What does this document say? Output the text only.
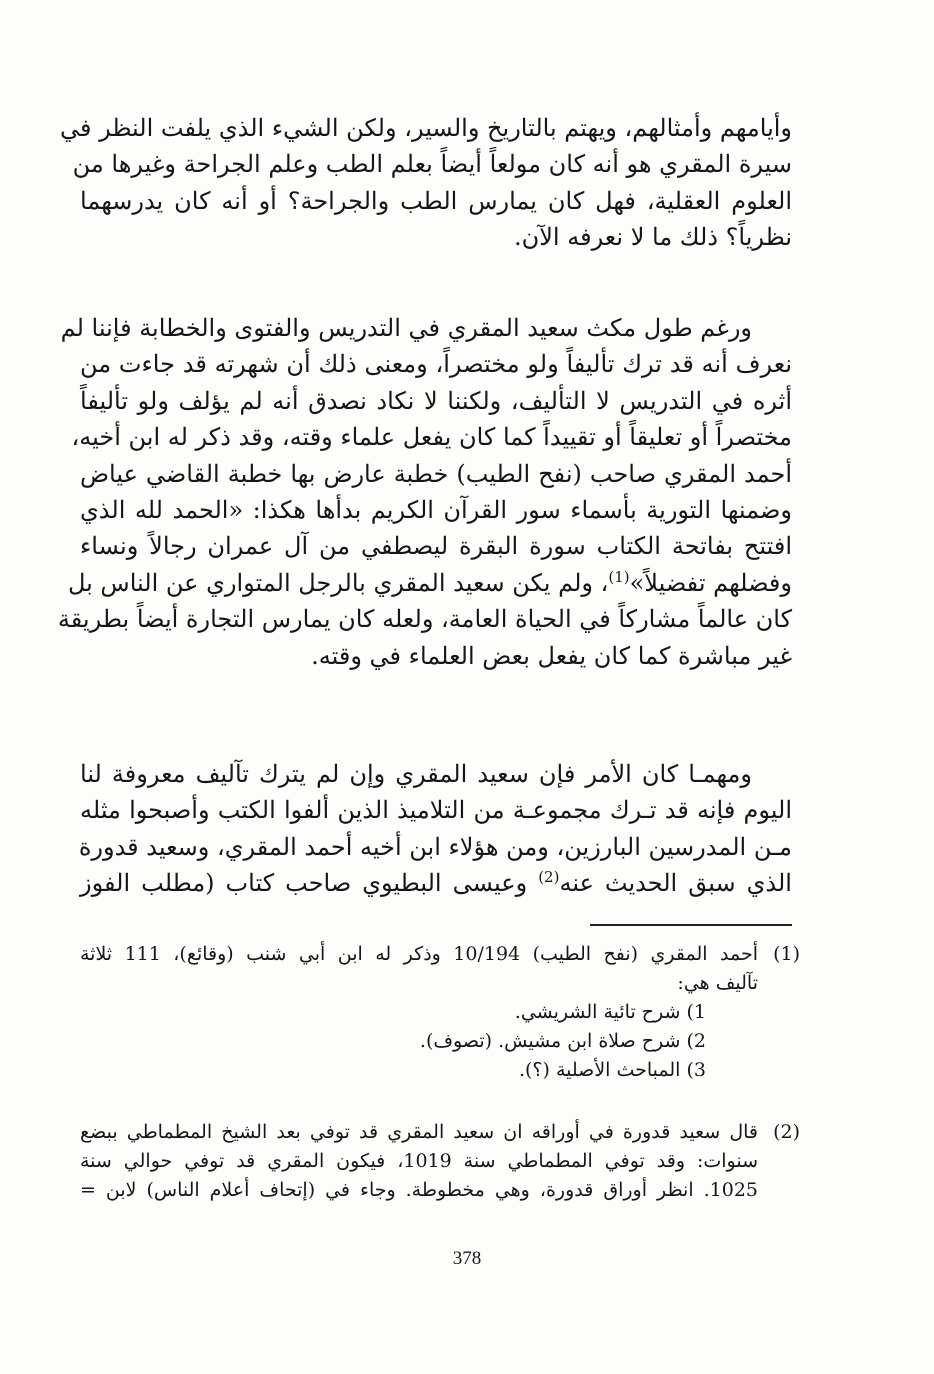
وأيامهم وأمثالهم، ويهتم بالتاريخ والسير، ولكن الشيء الذي يلفت النظر في
سيرة المقري هو أنه كان مولعاً أيضاً بعلم الطب وعلم الجراحة وغيرها من
العلوم العقلية، فهل كان يمارس الطب والجراحة؟ أو أنه كان يدرسهما
نظرياً؟ ذلك ما لا نعرفه الآن.
ورغم طول مكث سعيد المقري في التدريس والفتوى والخطابة فإننا لم
نعرف أنه قد ترك تأليفاً ولو مختصراً، ومعنى ذلك أن شهرته قد جاءت من
أثره في التدريس لا التأليف، ولكننا لا نكاد نصدق أنه لم يؤلف ولو تأليفاً
مختصراً أو تعليقاً أو تقييداً كما كان يفعل علماء وقته، وقد ذكر له ابن أخيه،
أحمد المقري صاحب (نفح الطيب) خطبة عارض بها خطبة القاضي عياض
وضمنها التورية بأسماء سور القرآن الكريم بدأها هكذا: «الحمد لله الذي
افتتح بفاتحة الكتاب سورة البقرة ليصطفي من آل عمران رجالاً ونساء
وفضلهم تفضيلاً»$^{(1)}$، ولم يكن سعيد المقري بالرجل المتواري عن الناس بل
كان عالماً مشاركاً في الحياة العامة، ولعله كان يمارس التجارة أيضاً بطريقة
غير مباشرة كما كان يفعل بعض العلماء في وقته.
ومهمـا كان الأمر فإن سعيد المقري وإن لم يترك تآليف معروفة لنا
اليوم فإنه قد تـرك مجموعـة من التلاميذ الذين ألفوا الكتب وأصبحوا مثله
مـن المدرسين البارزين، ومن هؤلاء ابن أخيه أحمد المقري، وسعيد قدورة
الذي سبق الحديث عنه$^{(2)}$ وعيسى البطيوي صاحب كتاب (مطلب الفوز
(1)
أحمد المقري (نفح الطيب) 10/194 وذكر له ابن أبي شنب (وقائع)، 111 ثلاثة
تآليف هي:
1) شرح تائية الشريشي.
2) شرح صلاة ابن مشيش. (تصوف).
3) المباحث الأصلية (؟).
(2)
قال سعيد قدورة في أوراقه ان سعيد المقري قد توفي بعد الشيخ المطماطي ببضع
سنوات: وقد توفي المطماطي سنة 1019، فيكون المقري قد توفي حوالي سنة
1025. انظر أوراق قدورة، وهي مخطوطة. وجاء في (إتحاف أعلام الناس) لابن =
378
